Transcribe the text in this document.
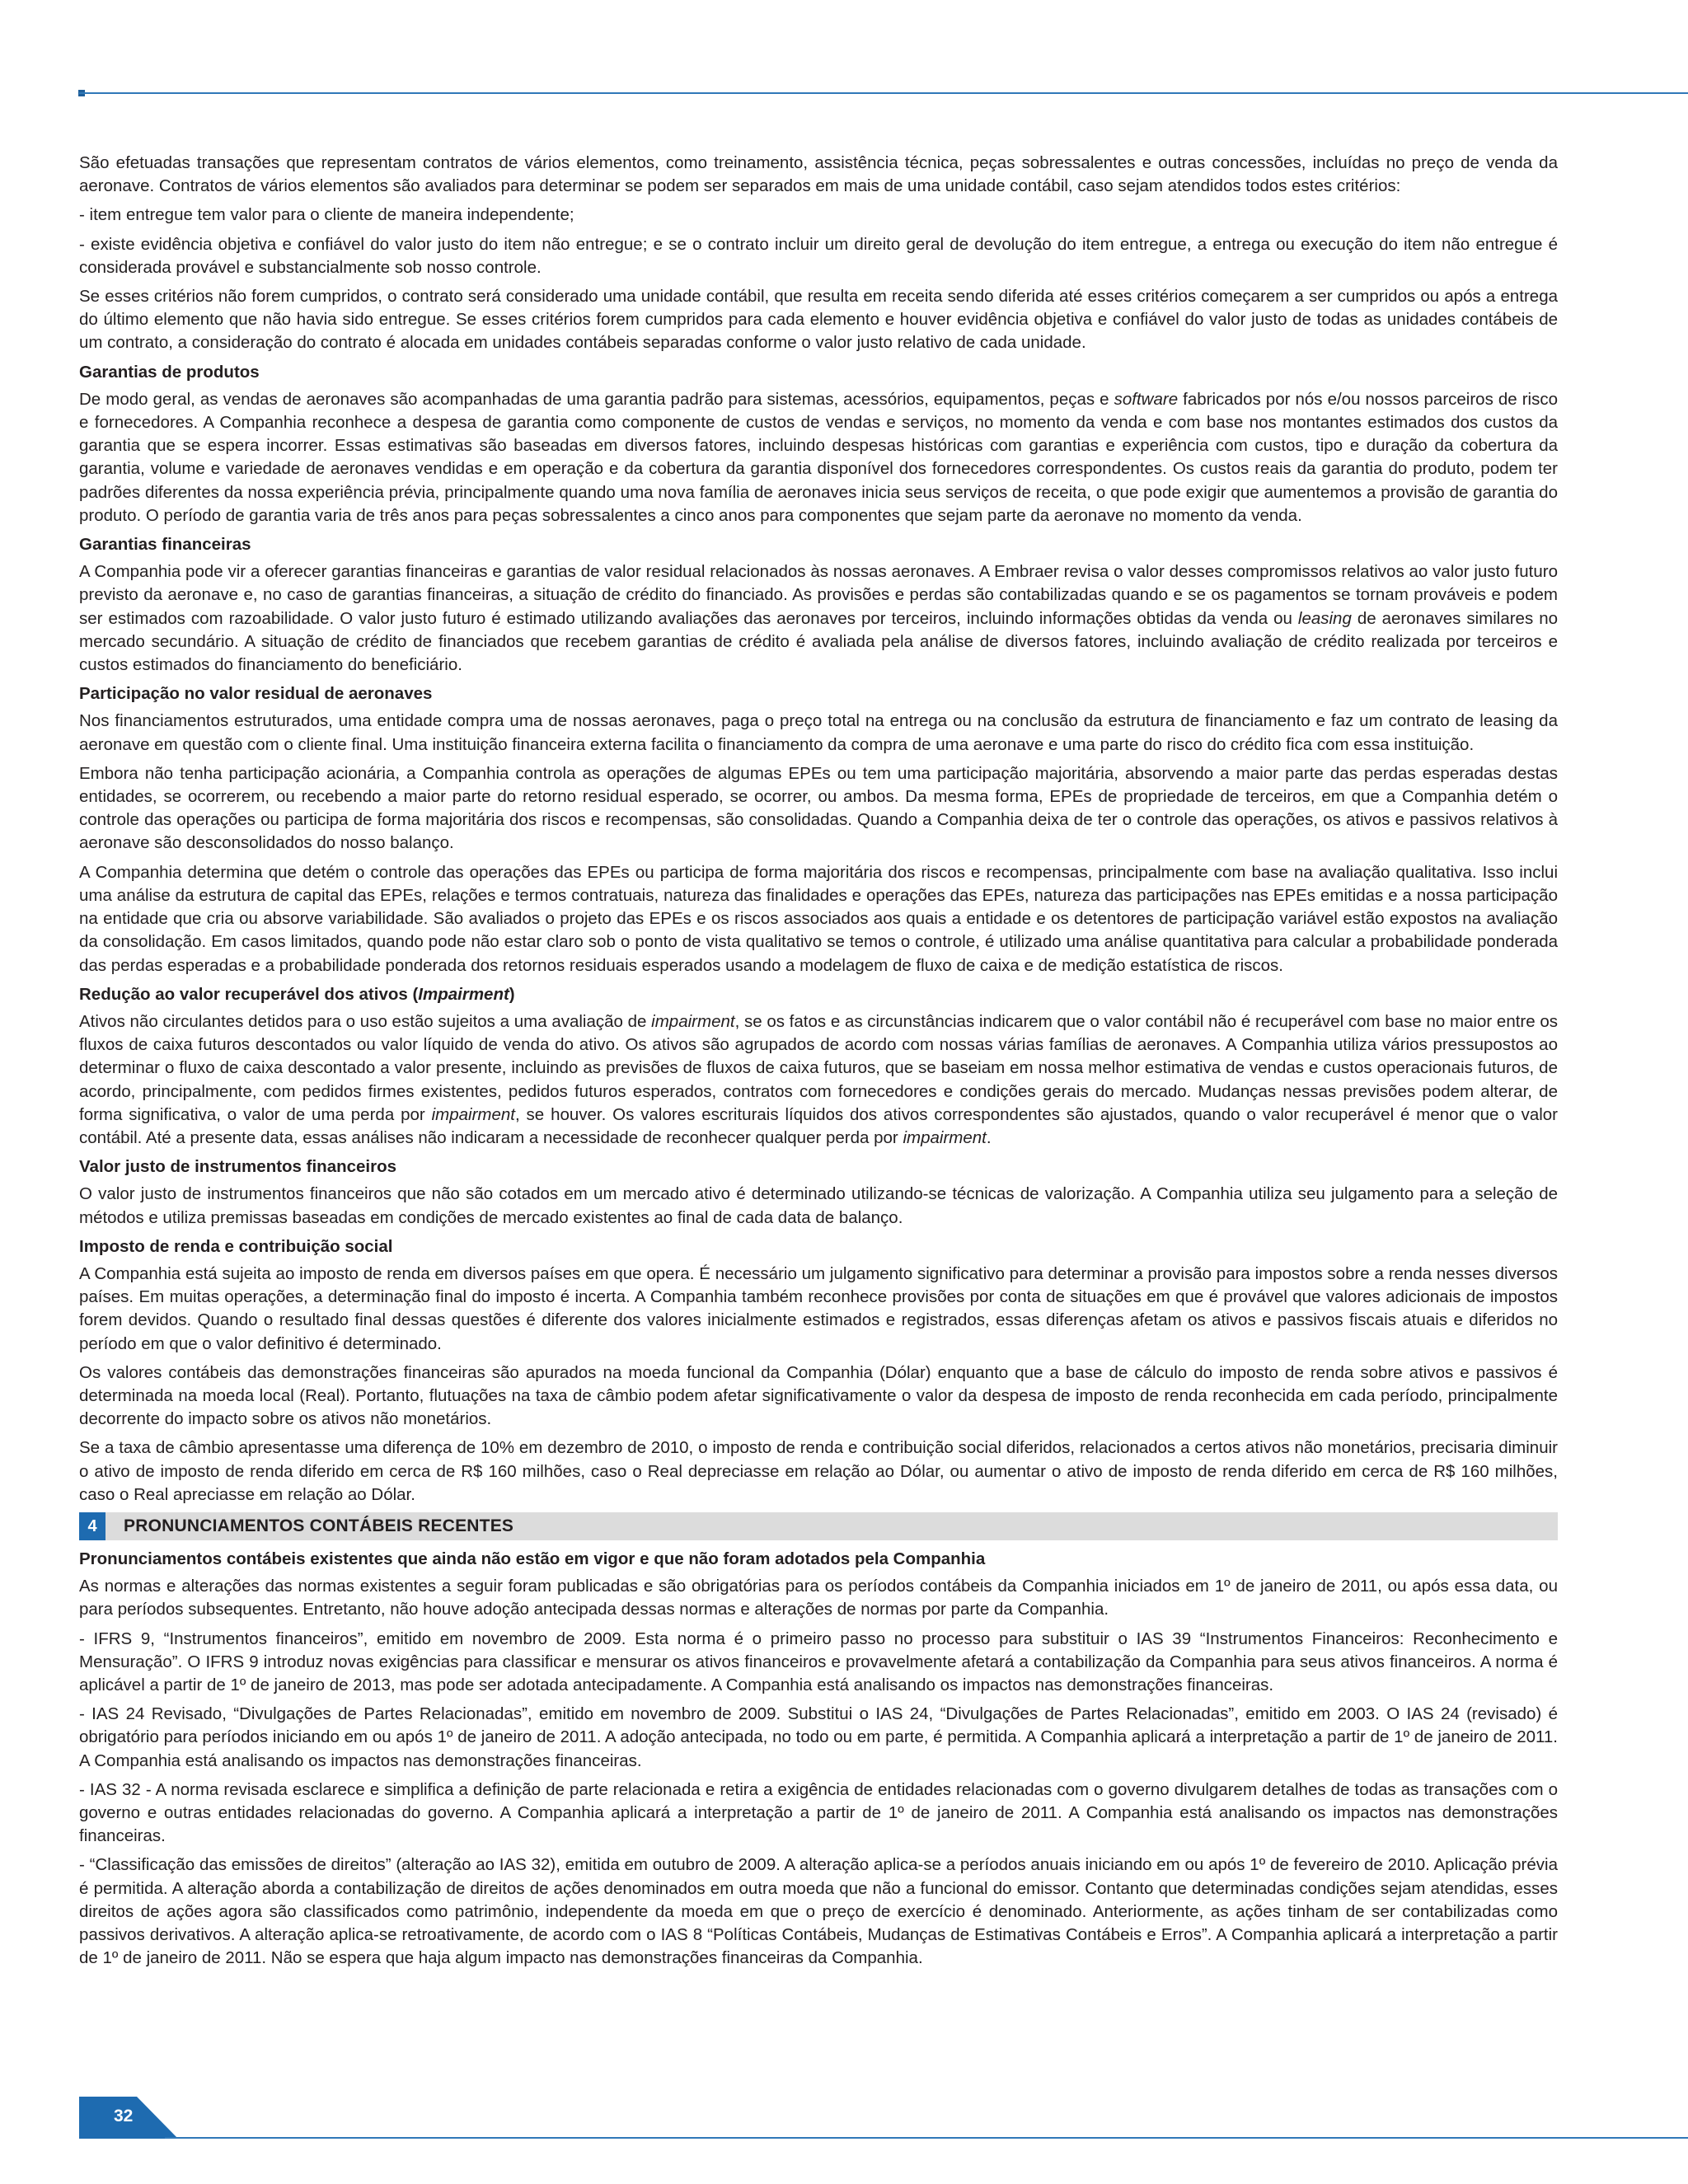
São efetuadas transações que representam contratos de vários elementos, como treinamento, assistência técnica, peças sobressalentes e outras concessões, incluídas no preço de venda da aeronave. Contratos de vários elementos são avaliados para determinar se podem ser separados em mais de uma unidade contábil, caso sejam atendidos todos estes critérios:

- item entregue tem valor para o cliente de maneira independente;

- existe evidência objetiva e confiável do valor justo do item não entregue; e se o contrato incluir um direito geral de devolução do item entregue, a entrega ou execução do item não entregue é considerada provável e substancialmente sob nosso controle.

Se esses critérios não forem cumpridos, o contrato será considerado uma unidade contábil, que resulta em receita sendo diferida até esses critérios começarem a ser cumpridos ou após a entrega do último elemento que não havia sido entregue. Se esses critérios forem cumpridos para cada elemento e houver evidência objetiva e confiável do valor justo de todas as unidades contábeis de um contrato, a consideração do contrato é alocada em unidades contábeis separadas conforme o valor justo relativo de cada unidade.

Garantias de produtos

De modo geral, as vendas de aeronaves são acompanhadas de uma garantia padrão para sistemas, acessórios, equipamentos, peças e software fabricados por nós e/ou nossos parceiros de risco e fornecedores. A Companhia reconhece a despesa de garantia como componente de custos de vendas e serviços, no momento da venda e com base nos montantes estimados dos custos da garantia que se espera incorrer. Essas estimativas são baseadas em diversos fatores, incluindo despesas históricas com garantias e experiência com custos, tipo e duração da cobertura da garantia, volume e variedade de aeronaves vendidas e em operação e da cobertura da garantia disponível dos fornecedores correspondentes. Os custos reais da garantia do produto, podem ter padrões diferentes da nossa experiência prévia, principalmente quando uma nova família de aeronaves inicia seus serviços de receita, o que pode exigir que aumentemos a provisão de garantia do produto. O período de garantia varia de três anos para peças sobressalentes a cinco anos para componentes que sejam parte da aeronave no momento da venda.

Garantias financeiras

A Companhia pode vir a oferecer garantias financeiras e garantias de valor residual relacionados às nossas aeronaves. A Embraer revisa o valor desses compromissos relativos ao valor justo futuro previsto da aeronave e, no caso de garantias financeiras, a situação de crédito do financiado. As provisões e perdas são contabilizadas quando e se os pagamentos se tornam prováveis e podem ser estimados com razoabilidade. O valor justo futuro é estimado utilizando avaliações das aeronaves por terceiros, incluindo informações obtidas da venda ou leasing de aeronaves similares no mercado secundário. A situação de crédito de financiados que recebem garantias de crédito é avaliada pela análise de diversos fatores, incluindo avaliação de crédito realizada por terceiros e custos estimados do financiamento do beneficiário.

Participação no valor residual de aeronaves

Nos financiamentos estruturados, uma entidade compra uma de nossas aeronaves, paga o preço total na entrega ou na conclusão da estrutura de financiamento e faz um contrato de leasing da aeronave em questão com o cliente final. Uma instituição financeira externa facilita o financiamento da compra de uma aeronave e uma parte do risco do crédito fica com essa instituição.

Embora não tenha participação acionária, a Companhia controla as operações de algumas EPEs ou tem uma participação majoritária, absorvendo a maior parte das perdas esperadas destas entidades, se ocorrerem, ou recebendo a maior parte do retorno residual esperado, se ocorrer, ou ambos. Da mesma forma, EPEs de propriedade de terceiros, em que a Companhia detém o controle das operações ou participa de forma majoritária dos riscos e recompensas, são consolidadas. Quando a Companhia deixa de ter o controle das operações, os ativos e passivos relativos à aeronave são desconsolidados do nosso balanço.

A Companhia determina que detém o controle das operações das EPEs ou participa de forma majoritária dos riscos e recompensas, principalmente com base na avaliação qualitativa. Isso inclui uma análise da estrutura de capital das EPEs, relações e termos contratuais, natureza das finalidades e operações das EPEs, natureza das participações nas EPEs emitidas e a nossa participação na entidade que cria ou absorve variabilidade. São avaliados o projeto das EPEs e os riscos associados aos quais a entidade e os detentores de participação variável estão expostos na avaliação da consolidação. Em casos limitados, quando pode não estar claro sob o ponto de vista qualitativo se temos o controle, é utilizado uma análise quantitativa para calcular a probabilidade ponderada das perdas esperadas e a probabilidade ponderada dos retornos residuais esperados usando a modelagem de fluxo de caixa e de medição estatística de riscos.

Redução ao valor recuperável dos ativos (Impairment)

Ativos não circulantes detidos para o uso estão sujeitos a uma avaliação de impairment, se os fatos e as circunstâncias indicarem que o valor contábil não é recuperável com base no maior entre os fluxos de caixa futuros descontados ou valor líquido de venda do ativo. Os ativos são agrupados de acordo com nossas várias famílias de aeronaves. A Companhia utiliza vários pressupostos ao determinar o fluxo de caixa descontado a valor presente, incluindo as previsões de fluxos de caixa futuros, que se baseiam em nossa melhor estimativa de vendas e custos operacionais futuros, de acordo, principalmente, com pedidos firmes existentes, pedidos futuros esperados, contratos com fornecedores e condições gerais do mercado. Mudanças nessas previsões podem alterar, de forma significativa, o valor de uma perda por impairment, se houver. Os valores escriturais líquidos dos ativos correspondentes são ajustados, quando o valor recuperável é menor que o valor contábil. Até a presente data, essas análises não indicaram a necessidade de reconhecer qualquer perda por impairment.

Valor justo de instrumentos financeiros

O valor justo de instrumentos financeiros que não são cotados em um mercado ativo é determinado utilizando-se técnicas de valorização. A Companhia utiliza seu julgamento para a seleção de métodos e utiliza premissas baseadas em condições de mercado existentes ao final de cada data de balanço.

Imposto de renda e contribuição social

A Companhia está sujeita ao imposto de renda em diversos países em que opera. É necessário um julgamento significativo para determinar a provisão para impostos sobre a renda nesses diversos países. Em muitas operações, a determinação final do imposto é incerta. A Companhia também reconhece provisões por conta de situações em que é provável que valores adicionais de impostos forem devidos. Quando o resultado final dessas questões é diferente dos valores inicialmente estimados e registrados, essas diferenças afetam os ativos e passivos fiscais atuais e diferidos no período em que o valor definitivo é determinado.

Os valores contábeis das demonstrações financeiras são apurados na moeda funcional da Companhia (Dólar) enquanto que a base de cálculo do imposto de renda sobre ativos e passivos é determinada na moeda local (Real). Portanto, flutuações na taxa de câmbio podem afetar significativamente o valor da despesa de imposto de renda reconhecida em cada período, principalmente decorrente do impacto sobre os ativos não monetários.

Se a taxa de câmbio apresentasse uma diferença de 10% em dezembro de 2010, o imposto de renda e contribuição social diferidos, relacionados a certos ativos não monetários, precisaria diminuir o ativo de imposto de renda diferido em cerca de R$ 160 milhões, caso o Real depreciasse em relação ao Dólar, ou aumentar o ativo de imposto de renda diferido em cerca de R$ 160 milhões, caso o Real apreciasse em relação ao Dólar.

4	PRONUNCIAMENTOS CONTÁBEIS RECENTES
Pronunciamentos contábeis existentes que ainda não estão em vigor e que não foram adotados pela Companhia

As normas e alterações das normas existentes a seguir foram publicadas e são obrigatórias para os períodos contábeis da Companhia iniciados em 1º de janeiro de 2011, ou após essa data, ou para períodos subsequentes. Entretanto, não houve adoção antecipada dessas normas e alterações de normas por parte da Companhia.

- IFRS 9, “Instrumentos financeiros”, emitido em novembro de 2009. Esta norma é o primeiro passo no processo para substituir o IAS 39 “Instrumentos Financeiros: Reconhecimento e Mensuração”. O IFRS 9 introduz novas exigências para classificar e mensurar os ativos financeiros e provavelmente afetará a contabilização da Companhia para seus ativos financeiros. A norma é aplicável a partir de 1º de janeiro de 2013, mas pode ser adotada antecipadamente. A Companhia está analisando os impactos nas demonstrações financeiras.

- IAS 24 Revisado, “Divulgações de Partes Relacionadas”, emitido em novembro de 2009. Substitui o IAS 24, “Divulgações de Partes Relacionadas”, emitido em 2003. O IAS 24 (revisado) é obrigatório para períodos iniciando em ou após 1º de janeiro de 2011. A adoção antecipada, no todo ou em parte, é permitida. A Companhia aplicará a interpretação a partir de 1º de janeiro de 2011. A Companhia está analisando os impactos nas demonstrações financeiras.

- IAS 32 - A norma revisada esclarece e simplifica a definição de parte relacionada e retira a exigência de entidades relacionadas com o governo divulgarem detalhes de todas as transações com o governo e outras entidades relacionadas do governo. A Companhia aplicará a interpretação a partir de 1º de janeiro de 2011. A Companhia está analisando os impactos nas demonstrações financeiras.

- “Classificação das emissões de direitos” (alteração ao IAS 32), emitida em outubro de 2009. A alteração aplica-se a períodos anuais iniciando em ou após 1º de fevereiro de 2010. Aplicação prévia é permitida. A alteração aborda a contabilização de direitos de ações denominados em outra moeda que não a funcional do emissor. Contanto que determinadas condições sejam atendidas, esses direitos de ações agora são classificados como patrimônio, independente da moeda em que o preço de exercício é denominado. Anteriormente, as ações tinham de ser contabilizadas como passivos derivativos. A alteração aplica-se retroativamente, de acordo com o IAS 8 “Políticas Contábeis, Mudanças de Estimativas Contábeis e Erros”. A Companhia aplicará a interpretação a partir de 1º de janeiro de 2011. Não se espera que haja algum impacto nas demonstrações financeiras da Companhia.

32
